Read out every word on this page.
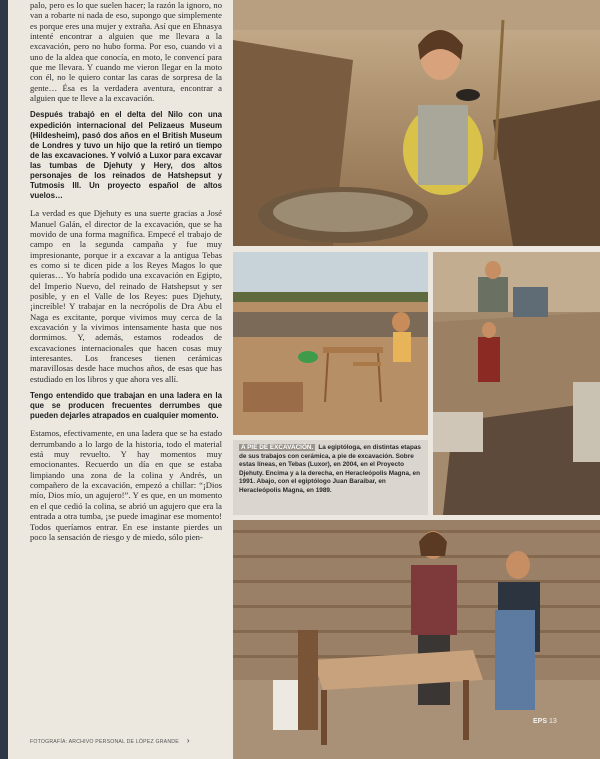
palo, pero es lo que suelen hacer; la razón la ignoro, no van a robarte ni nada de eso, supongo que simplemente es porque eres una mujer y extraña. Así que en Ehnasya intenté encontrar a alguien que me llevara a la excavación, pero no hubo forma. Por eso, cuando vi a uno de la aldea que conocía, en moto, le convencí para que me llevara. Y cuando me vieron llegar en la moto con él, no le quiero contar las caras de sorpresa de la gente… Ésa es la verdadera aventura, encontrar a alguien que te lleve a la excavación.

Después trabajó en el delta del Nilo con una expedición internacional del Pelizaeus Museum (Hildesheim), pasó dos años en el British Museum de Londres y tuvo un hijo que la retiró un tiempo de las excavaciones. Y volvió a Luxor para excavar las tumbas de Djehuty y Hery, dos altos personajes de los reinados de Hatshepsut y Tutmosis III. Un proyecto español de altos vuelos…

La verdad es que Djehuty es una suerte gracias a José Manuel Galán, el director de la excavación, que se ha movido de una forma magnífica. Empecé el trabajo de campo en la segunda campaña y fue muy impresionante, porque ir a excavar a la antigua Tebas es como si te dicen pide a los Reyes Magos lo que quieras… Yo habría podido una excavación en Egipto, del Imperio Nuevo, del reinado de Hatshepsut y ser posible, y en el Valle de los Reyes: pues Djehuty, ¡increíble! Y trabajar en la necrópolis de Dra Abu el Naga es excitante, porque vivimos muy cerca de la excavación y la vivimos intensamente hasta que nos dormimos. Y, además, estamos rodeados de excavaciones internacionales que hacen cosas muy interesantes. Los franceses tienen cerámicas maravillosas desde hace muchos años, de esas que has estudiado en los libros y que ahora ves allí.

Tengo entendido que trabajan en una ladera en la que se producen frecuentes derrumbes que pueden dejarles atrapados en cualquier momento.

Estamos, efectivamente, en una ladera que se ha estado derrumbando a lo largo de la historia, todo el material está muy revuelto. Y hay momentos muy emocionantes. Recuerdo un día en que se estaba limpiando una zona de la colina y Andrés, un compañero de la excavación, empezó a chillar: “¡Dios mío, Dios mío, un agujero!”. Y es que, en un momento en el que cedió la colina, se abrió un agujero que era la entrada a otra tumba, ¡se puede imaginar ese momento! Todos queríamos entrar. En ese instante pierdes un poco la sensación de riesgo y de miedo, sólo pien-

FOTOGRAFÍA: ARCHIVO PERSONAL DE LÓPEZ GRANDE ›
A PIE DE EXCAVACIÓN. La egiptóloga, en distintas etapas de sus trabajos con cerámica, a pie de excavación. Sobre estas líneas, en Tebas (Luxor), en 2004, en el Proyecto Djehuty. Encima y a la derecha, en Heracleópolis Magna, en 1991. Abajo, con el egiptólogo Juan Baraibar, en Heracleópolis Magna, en 1989.
EPS 13
